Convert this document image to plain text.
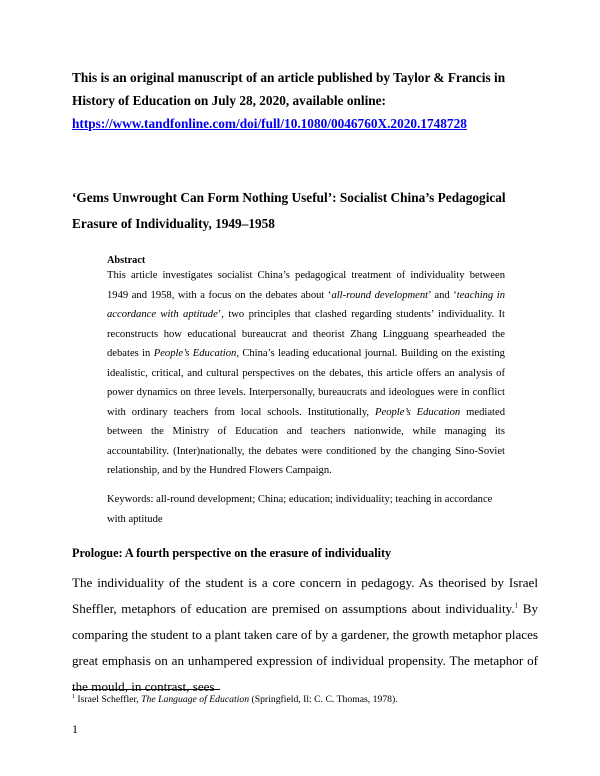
This is an original manuscript of an article published by Taylor & Francis in
History of Education on July 28, 2020, available online:
https://www.tandfonline.com/doi/full/10.1080/0046760X.2020.1748728
‘Gems Unwrought Can Form Nothing Useful’: Socialist China’s Pedagogical
Erasure of Individuality, 1949–1958
Abstract
This article investigates socialist China’s pedagogical treatment of individuality between 1949 and 1958, with a focus on the debates about ‘all-round development’ and ‘teaching in accordance with aptitude’, two principles that clashed regarding students’ individuality. It reconstructs how educational bureaucrat and theorist Zhang Lingguang spearheaded the debates in People’s Education, China’s leading educational journal. Building on the existing idealistic, critical, and cultural perspectives on the debates, this article offers an analysis of power dynamics on three levels. Interpersonally, bureaucrats and ideologues were in conflict with ordinary teachers from local schools. Institutionally, People’s Education mediated between the Ministry of Education and teachers nationwide, while managing its accountability. (Inter)nationally, the debates were conditioned by the changing Sino-Soviet relationship, and by the Hundred Flowers Campaign.
Keywords: all-round development; China; education; individuality; teaching in accordance with aptitude
Prologue: A fourth perspective on the erasure of individuality
The individuality of the student is a core concern in pedagogy. As theorised by Israel Sheffler, metaphors of education are premised on assumptions about individuality.$^1$ By comparing the student to a plant taken care of by a gardener, the growth metaphor places great emphasis on an unhampered expression of individual propensity. The metaphor of the mould, in contrast, sees
$^1$ Israel Scheffler, The Language of Education (Springfield, Il: C. C. Thomas, 1978).
1
